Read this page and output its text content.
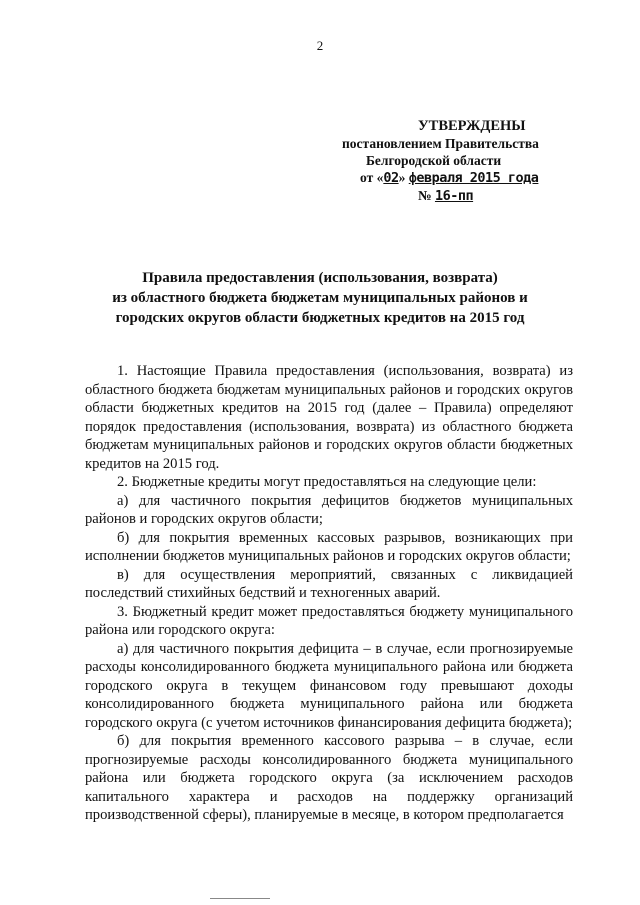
2
УТВЕРЖДЕНЫ
постановлением Правительства
Белгородской области
от «02» февраля 2015 года
№ 16-пп
Правила предоставления (использования, возврата)
из областного бюджета бюджетам муниципальных районов и
городских округов области бюджетных кредитов на 2015 год

1. Настоящие Правила предоставления (использования, возврата) из областного бюджета бюджетам муниципальных районов и городских округов области бюджетных кредитов на 2015 год (далее – Правила) определяют порядок предоставления (использования, возврата) из областного бюджета бюджетам муниципальных районов и городских округов области бюджетных кредитов на 2015 год.

2. Бюджетные кредиты могут предоставляться на следующие цели:

а) для частичного покрытия дефицитов бюджетов муниципальных районов и городских округов области;

б) для покрытия временных кассовых разрывов, возникающих при исполнении бюджетов муниципальных районов и городских округов области;

в) для осуществления мероприятий, связанных с ликвидацией последствий стихийных бедствий и техногенных аварий.

3. Бюджетный кредит может предоставляться бюджету муниципального района или городского округа:

а) для частичного покрытия дефицита – в случае, если прогнозируемые расходы консолидированного бюджета муниципального района или бюджета городского округа в текущем финансовом году превышают доходы консолидированного бюджета муниципального района или бюджета городского округа (с учетом источников финансирования дефицита бюджета);

б) для покрытия временного кассового разрыва – в случае, если прогнозируемые расходы консолидированного бюджета муниципального района или бюджета городского округа (за исключением расходов капитального характера и расходов на поддержку организаций производственной сферы), планируемые в месяце, в котором предполагается
